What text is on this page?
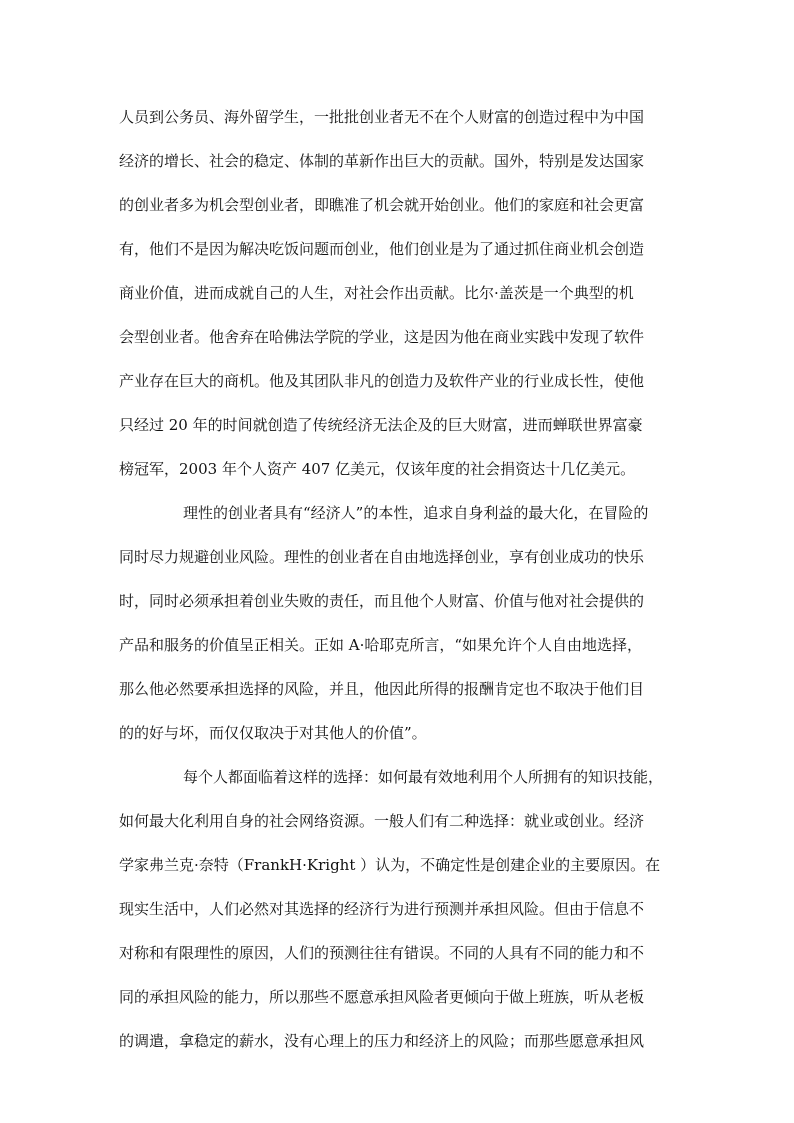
人员到公务员、海外留学生，一批批创业者无不在个人财富的创造过程中为中国
经济的增长、社会的稳定、体制的革新作出巨大的贡献。国外，特别是发达国家
的创业者多为机会型创业者，即瞧准了机会就开始创业。他们的家庭和社会更富
有，他们不是因为解决吃饭问题而创业，他们创业是为了通过抓住商业机会创造
商业价值，进而成就自己的人生，对社会作出贡献。比尔·盖茨是一个典型的机
会型创业者。他舍弃在哈佛法学院的学业，这是因为他在商业实践中发现了软件
产业存在巨大的商机。他及其团队非凡的创造力及软件产业的行业成长性，使他
只经过 20 年的时间就创造了传统经济无法企及的巨大财富，进而蝉联世界富豪
榜冠军，2003 年个人资产 407 亿美元，仅该年度的社会捐资达十几亿美元。
理性的创业者具有“经济人”的本性，追求自身利益的最大化，在冒险的
同时尽力规避创业风险。理性的创业者在自由地选择创业，享有创业成功的快乐
时，同时必须承担着创业失败的责任，而且他个人财富、价值与他对社会提供的
产品和服务的价值呈正相关。正如 A·哈耶克所言，“如果允许个人自由地选择，
那么他必然要承担选择的风险，并且，他因此所得的报酬肯定也不取决于他们目
的的好与坏，而仅仅取决于对其他人的价值”。
每个人都面临着这样的选择：如何最有效地利用个人所拥有的知识技能，
如何最大化利用自身的社会网络资源。一般人们有二种选择：就业或创业。经济
学家弗兰克·奈特（FrankH·Kright ）认为，不确定性是创建企业的主要原因。在
现实生活中，人们必然对其选择的经济行为进行预测并承担风险。但由于信息不
对称和有限理性的原因，人们的预测往往有错误。不同的人具有不同的能力和不
同的承担风险的能力，所以那些不愿意承担风险者更倾向于做上班族，听从老板
的调遣，拿稳定的薪水，没有心理上的压力和经济上的风险；而那些愿意承担风
